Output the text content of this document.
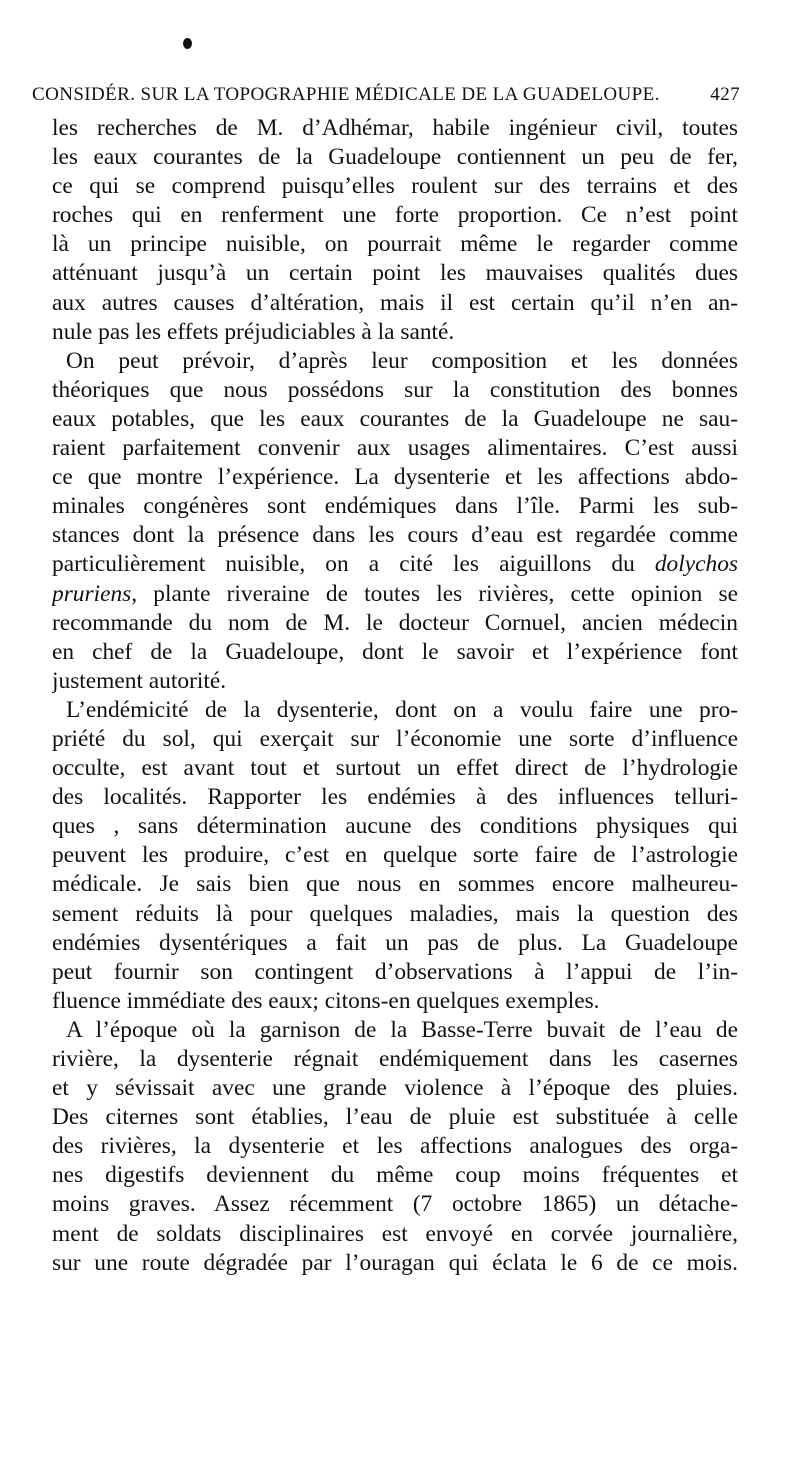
CONSIDÉR. SUR LA TOPOGRAPHIE MÉDICALE DE LA GUADELOUPE.	427
les recherches de M. d’Adhémar, habile ingénieur civil, toutes
les eaux courantes de la Guadeloupe contiennent un peu de fer,
ce qui se comprend puisqu’elles roulent sur des terrains et des
roches qui en renferment une forte proportion. Ce n’est point
là un principe nuisible, on pourrait même le regarder comme
atténuant jusqu’à un certain point les mauvaises qualités dues
aux autres causes d’altération, mais il est certain qu’il n’en an-
nule pas les effets préjudiciables à la santé.
On peut prévoir, d’après leur composition et les données
théoriques que nous possédons sur la constitution des bonnes
eaux potables, que les eaux courantes de la Guadeloupe ne sau-
raient parfaitement convenir aux usages alimentaires. C’est aussi
ce que montre l’expérience. La dysenterie et les affections abdo-
minales congénères sont endémiques dans l’île. Parmi les sub-
stances dont la présence dans les cours d’eau est regardée comme
particulièrement nuisible, on a cité les aiguillons du dolychos
pruriens, plante riveraine de toutes les rivières, cette opinion se
recommande du nom de M. le docteur Cornuel, ancien médecin
en chef de la Guadeloupe, dont le savoir et l’expérience font
justement autorité.
L’endémicité de la dysenterie, dont on a voulu faire une pro-
priété du sol, qui exerçait sur l’économie une sorte d’influence
occulte, est avant tout et surtout un effet direct de l’hydrologie
des localités. Rapporter les endémies à des influences telluri-
ques , sans détermination aucune des conditions physiques qui
peuvent les produire, c’est en quelque sorte faire de l’astrologie
médicale. Je sais bien que nous en sommes encore malheureu-
sement réduits là pour quelques maladies, mais la question des
endémies dysentériques a fait un pas de plus. La Guadeloupe
peut fournir son contingent d’observations à l’appui de l’in-
fluence immédiate des eaux; citons-en quelques exemples.
A l’époque où la garnison de la Basse-Terre buvait de l’eau de
rivière, la dysenterie régnait endémiquement dans les casernes
et y sévissait avec une grande violence à l’époque des pluies.
Des citernes sont établies, l’eau de pluie est substituée à celle
des rivières, la dysenterie et les affections analogues des orga-
nes digestifs deviennent du même coup moins fréquentes et
moins graves. Assez récemment (7 octobre 1865) un détache-
ment de soldats disciplinaires est envoyé en corvée journalière,
sur une route dégradée par l’ouragan qui éclata le 6 de ce mois.
